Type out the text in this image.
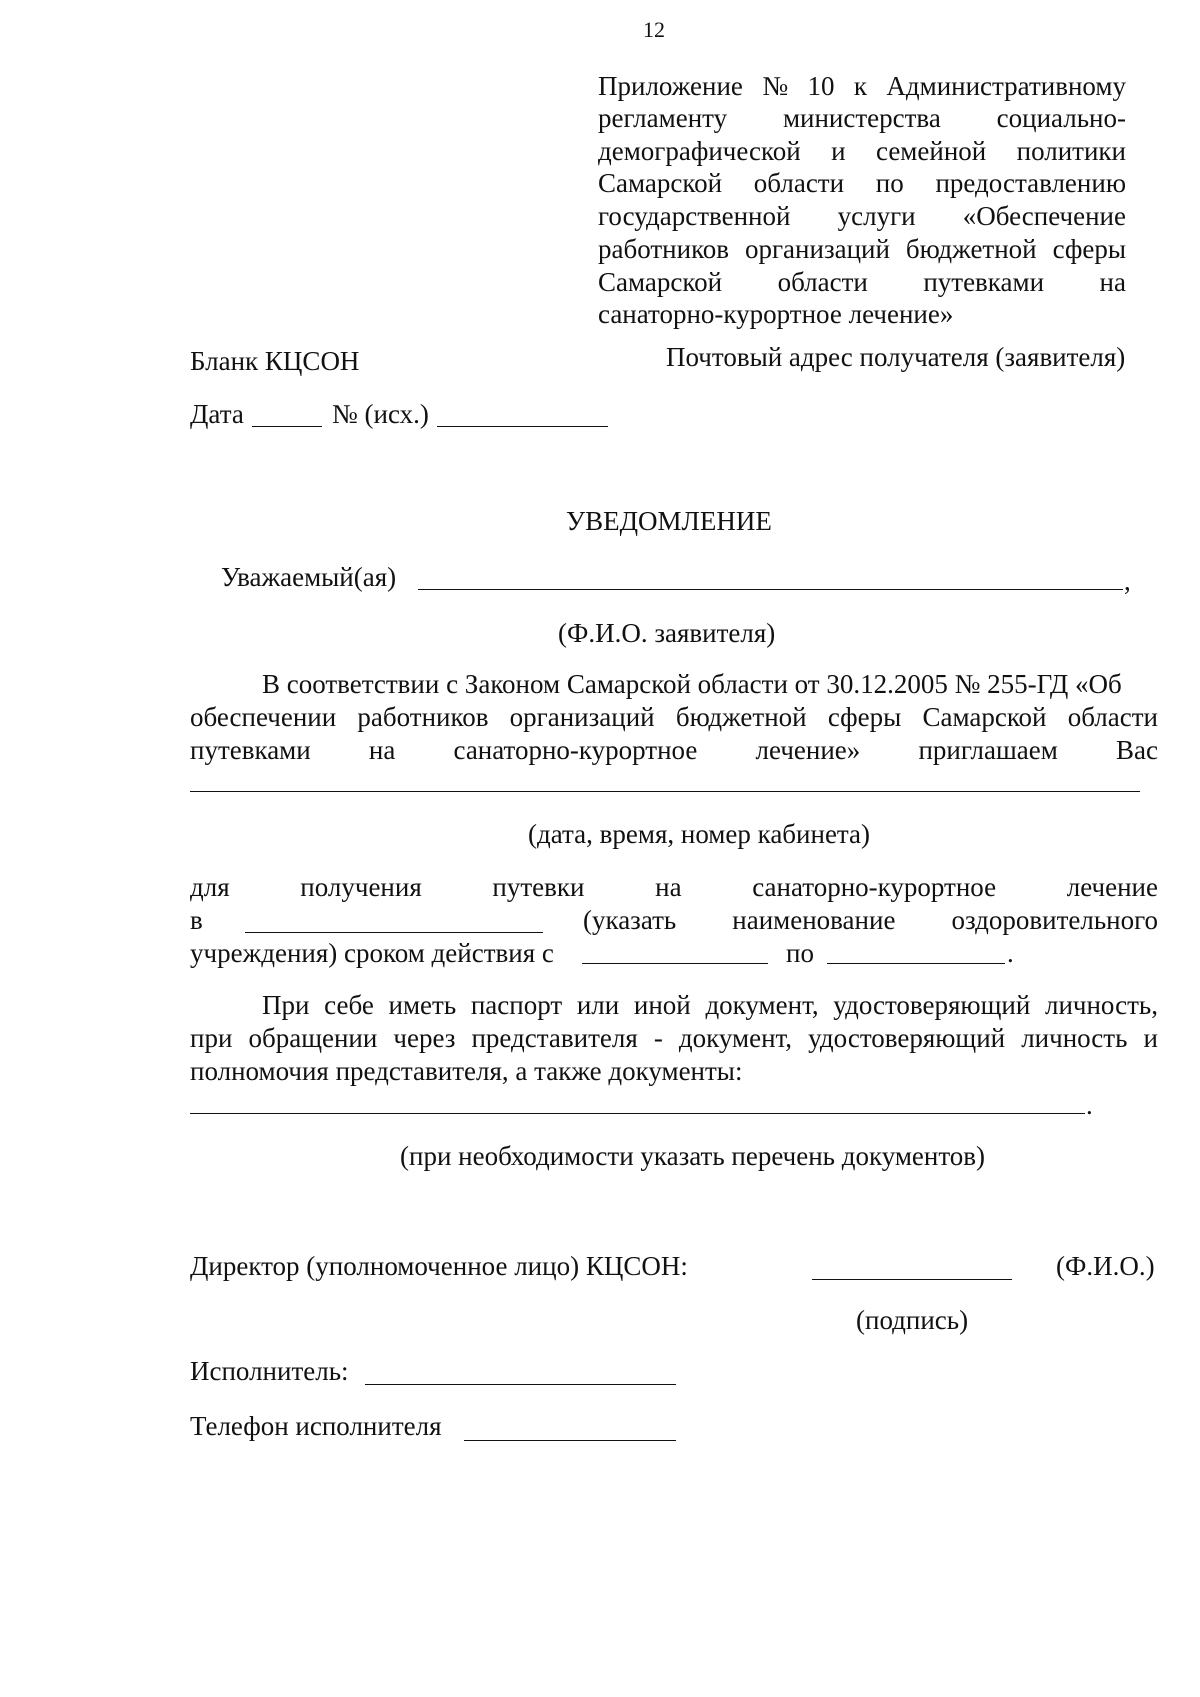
12
Приложение № 10 к Административному
регламенту министерства социально-
демографической и семейной политики
Самарской области по предоставлению
государственной услуги «Обеспечение
работников организаций бюджетной сферы
Самарской области путевками на
санаторно-курортное лечение»
Бланк КЦСОН	Почтовый адрес получателя (заявителя)
Дата	№ (исх.)
УВЕДОМЛЕНИЕ
Уважаемый(ая)	,
(Ф.И.О. заявителя)
В соответствии с Законом Самарской области от 30.12.2005 № 255-ГД «Об
обеспечении работников организаций бюджетной сферы Самарской области
путевками на санаторно-курортное лечение» приглашаем Вас
(дата, время, номер кабинета)
для	получения	путевки	на	санаторно-курортное	лечение
в	(указать наименование оздоровительного
учреждения) сроком действия с	по	.
При себе иметь паспорт или иной документ, удостоверяющий личность,
при обращении через представителя - документ, удостоверяющий личность и
полномочия представителя, а также документы:
.
(при необходимости указать перечень документов)
Директор (уполномоченное лицо) КЦСОН:	(Ф.И.О.)
(подпись)
Исполнитель:
Телефон исполнителя
